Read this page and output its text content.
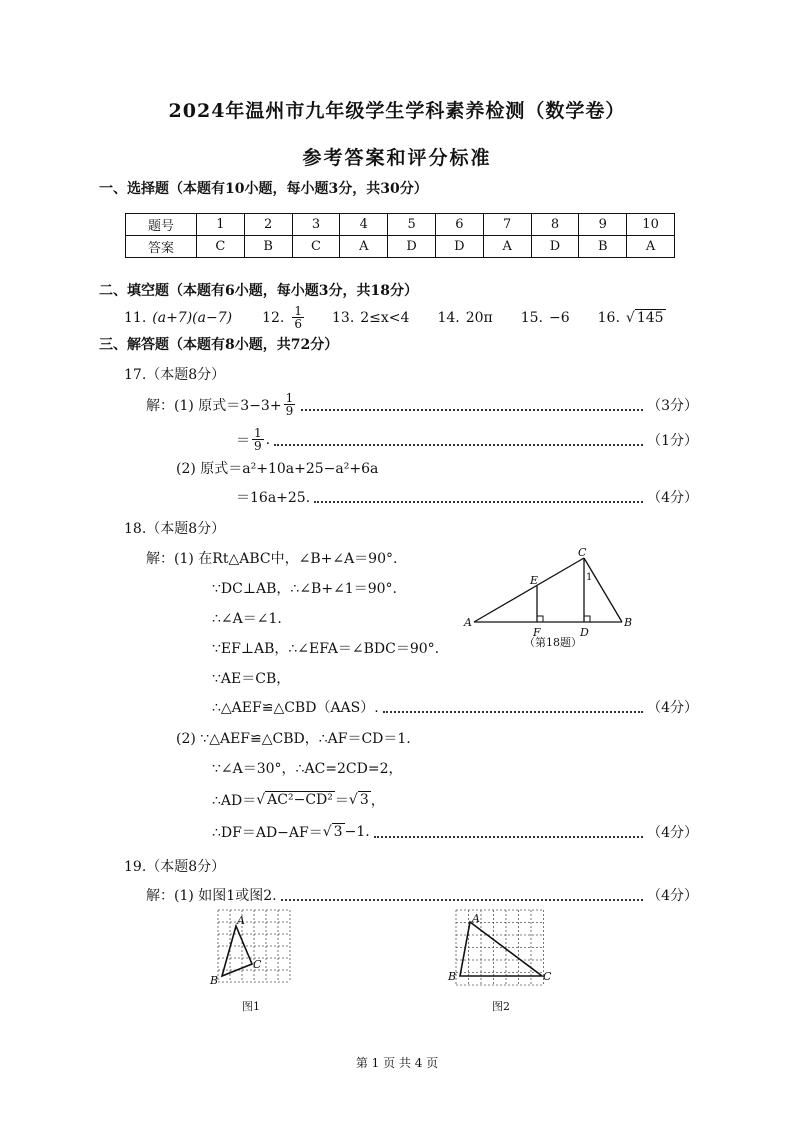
2024年温州市九年级学生学科素养检测（数学卷）
参考答案和评分标准
一、选择题（本题有10小题，每小题3分，共30分）
题号	1	2	3	4	5	6	7	8	9	10
答案	C	B	C	A	D	D	A	D	B	A
二、填空题（本题有6小题，每小题3分，共18分）
11. (a+7)(a−7) 12. $\frac{1}{6} 13$. 2≤x<4 14. 20π 15. −6 16. √ 145
三、解答题（本题有8小题，共72分）
17.（本题8分）
解：(1) 原式$=3-3+ \frac{1}{9}$	（3分）
＝ $\frac{1}{9}$ .	（1分）
(2) 原式＝a²+10a+25−a²+6a
＝16a+25.	（4分）
18.（本题8分）
解：(1) 在Rt△ABC中，∠B+∠A＝90°.
∵DC⊥AB，∴∠B+∠1＝90°.
∴∠A＝∠1.
∵EF⊥AB，∴∠EFA＝∠BDC＝90°.
∵AE＝CB，
∴△AEF≌△CBD（AAS）.	（4分）
(2) ∵△AEF≌△CBD，∴AF＝CD＝1.
∵∠A＝30°，∴AC=2CD=2，
∴AD＝ √ AC²−CD² ＝ √ 3 ，
∴DF＝AD−AF＝ √ 3 −1.	（4分）
A	B
C
D
E
F
1
（第18题）
19.（本题8分）
解：(1) 如图1或图2.	（4分）
A
B
C
图1
A
B	C
图2
第 1 页 共 4 页
